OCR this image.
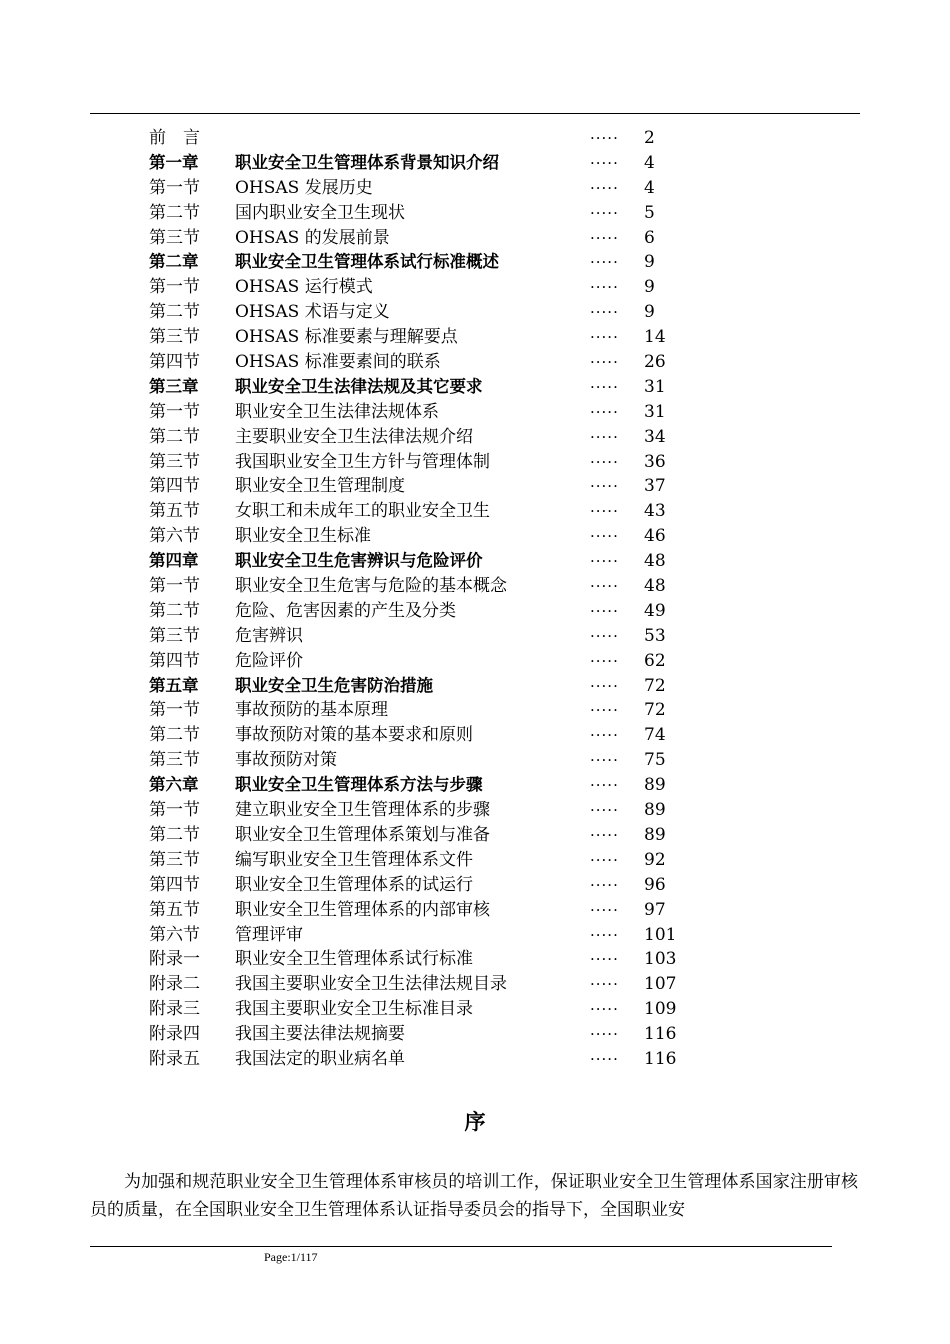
前　言	····· 2
第一章 职业安全卫生管理体系背景知识介绍	····· 4
第一节 OHSAS 发展历史	····· 4
第二节 国内职业安全卫生现状	····· 5
第三节 OHSAS 的发展前景	····· 6
第二章 职业安全卫生管理体系试行标准概述	····· 9
第一节 OHSAS 运行模式	····· 9
第二节 OHSAS 术语与定义	····· 9
第三节 OHSAS 标准要素与理解要点	····· 14
第四节 OHSAS 标准要素间的联系	····· 26
第三章 职业安全卫生法律法规及其它要求	····· 31
第一节 职业安全卫生法律法规体系	····· 31
第二节 主要职业安全卫生法律法规介绍	····· 34
第三节 我国职业安全卫生方针与管理体制	····· 36
第四节 职业安全卫生管理制度	····· 37
第五节 女职工和未成年工的职业安全卫生	····· 43
第六节 职业安全卫生标准	····· 46
第四章 职业安全卫生危害辨识与危险评价	····· 48
第一节 职业安全卫生危害与危险的基本概念	····· 48
第二节 危险、危害因素的产生及分类	····· 49
第三节 危害辨识	····· 53
第四节 危险评价	····· 62
第五章 职业安全卫生危害防治措施	····· 72
第一节 事故预防的基本原理	····· 72
第二节 事故预防对策的基本要求和原则	····· 74
第三节 事故预防对策	····· 75
第六章 职业安全卫生管理体系方法与步骤	····· 89
第一节 建立职业安全卫生管理体系的步骤	····· 89
第二节 职业安全卫生管理体系策划与准备	····· 89
第三节 编写职业安全卫生管理体系文件	····· 92
第四节 职业安全卫生管理体系的试运行	····· 96
第五节 职业安全卫生管理体系的内部审核	····· 97
第六节 管理评审	····· 101
附录一 职业安全卫生管理体系试行标准	····· 103
附录二 我国主要职业安全卫生法律法规目录	····· 107
附录三 我国主要职业安全卫生标准目录	····· 109
附录四 我国主要法律法规摘要	····· 116
附录五 我国法定的职业病名单	····· 116
序
为加强和规范职业安全卫生管理体系审核员的培训工作，保证职业安全卫生管理体系国家注册审核员的质量，在全国职业安全卫生管理体系认证指导委员会的指导下，全国职业安
Page:1/117
